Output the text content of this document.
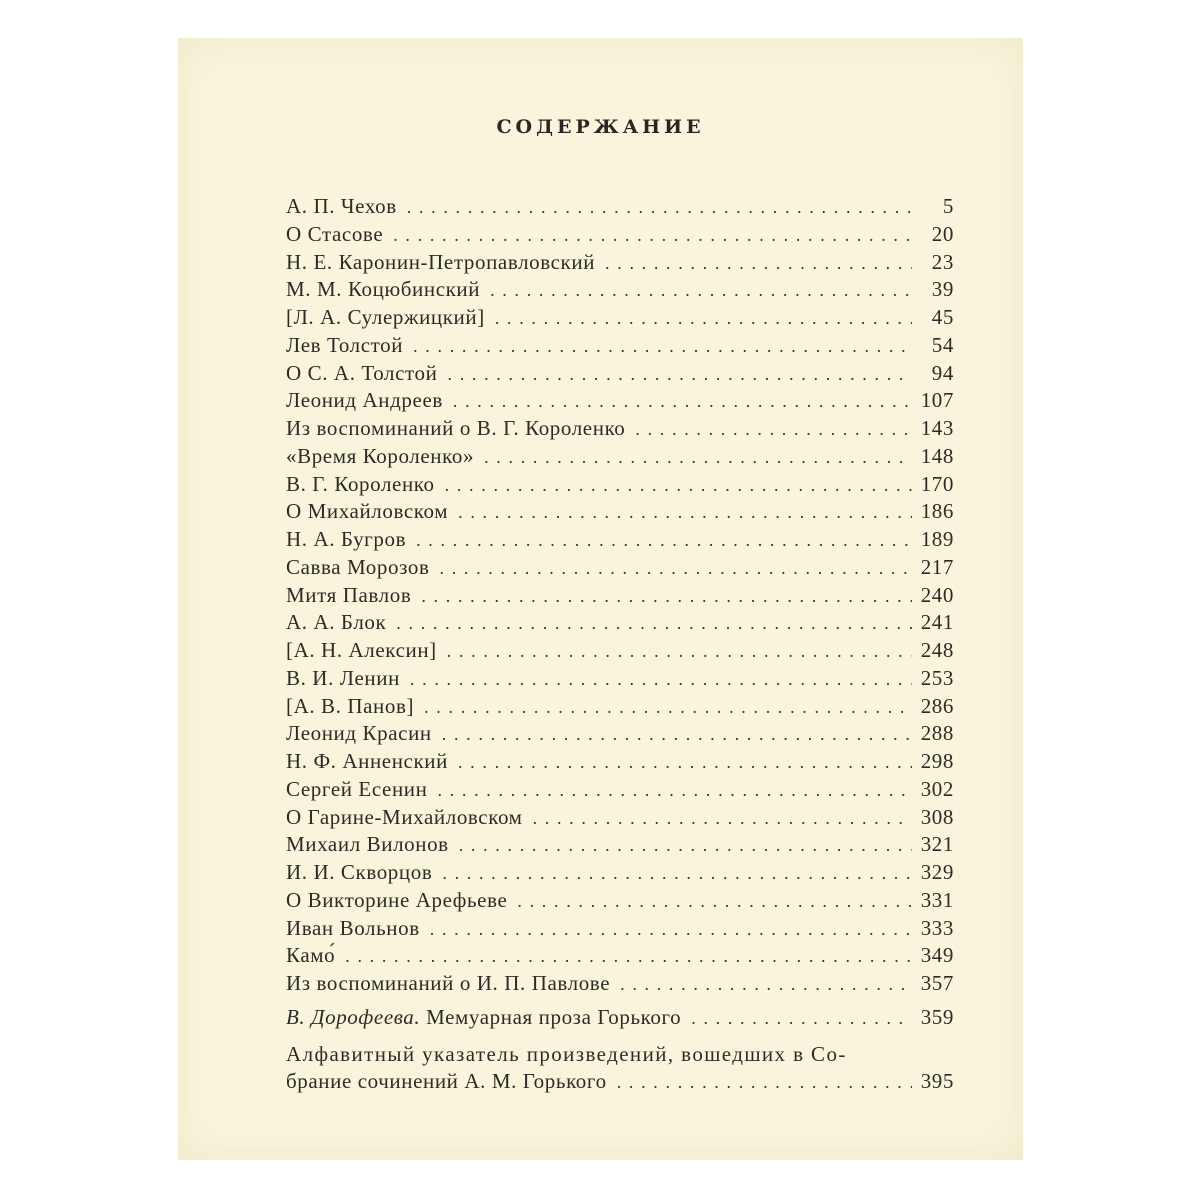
СОДЕРЖАНИЕ
А. П. Чехов . . .	5
О Стасове . . .	20
Н. Е. Каронин-Петропавловский . . .	23
М. М. Коцюбинский . . .	39
[Л. А. Сулержицкий] . . .	45
Лев Толстой . . .	54
О С. А. Толстой . . .	94
Леонид Андреев . . .	107
Из воспоминаний о В. Г. Короленко . . .	143
«Время Короленко» . . .	148
В. Г. Короленко . . .	170
О Михайловском . . .	186
Н. А. Бугров . . .	189
Савва Морозов . . .	217
Митя Павлов . . .	240
А. А. Блок . . .	241
[А. Н. Алексин] . . .	248
В. И. Ленин . . .	253
[А. В. Панов] . . .	286
Леонид Красин . . .	288
Н. Ф. Анненский . . .	298
Сергей Есенин . . .	302
О Гарине-Михайловском . . .	308
Михаил Вилонов . . .	321
И. И. Скворцов . . .	329
О Викторине Арефьеве . . .	331
Иван Вольнов . . .	333
Камо́ . . .	349
Из воспоминаний о И. П. Павлове . . .	357
В. Дорофеева. Мемуарная проза Горького . . .	359
Алфавитный указатель произведений, вошедших в Со-
брание сочинений А. М. Горького . . .	395
